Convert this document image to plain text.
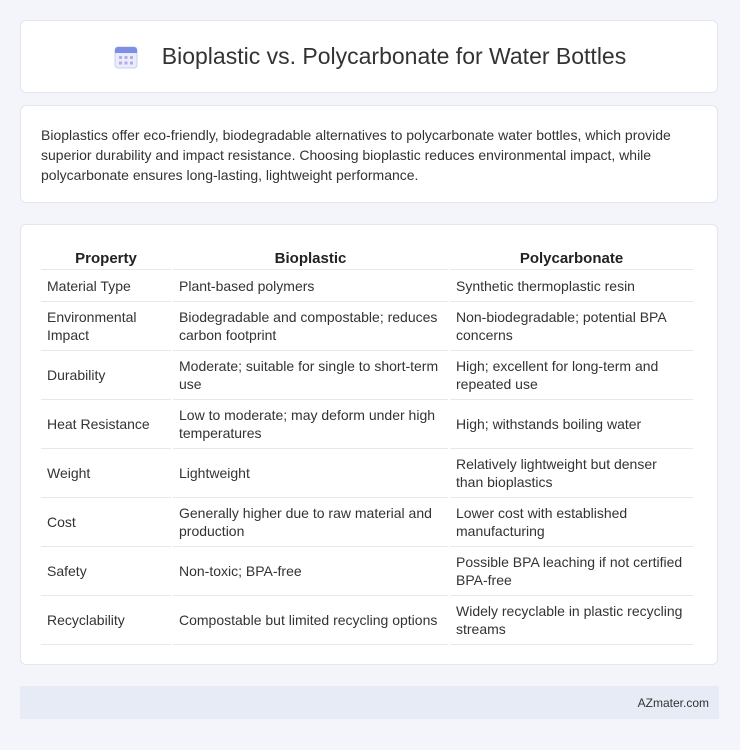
Bioplastic vs. Polycarbonate for Water Bottles

Bioplastics offer eco-friendly, biodegradable alternatives to polycarbonate water bottles, which provide superior durability and impact resistance. Choosing bioplastic reduces environmental impact, while polycarbonate ensures long-lasting, lightweight performance.

Property	Bioplastic	Polycarbonate
Material Type	Plant-based polymers	Synthetic thermoplastic resin
Environmental Impact	Biodegradable and compostable; reduces carbon footprint	Non-biodegradable; potential BPA concerns
Durability	Moderate; suitable for single to short-term use	High; excellent for long-term and repeated use
Heat Resistance	Low to moderate; may deform under high temperatures	High; withstands boiling water
Weight	Lightweight	Relatively lightweight but denser than bioplastics
Cost	Generally higher due to raw material and production	Lower cost with established manufacturing
Safety	Non-toxic; BPA-free	Possible BPA leaching if not certified BPA-free
Recyclability	Compostable but limited recycling options	Widely recyclable in plastic recycling streams
AZmater.com
